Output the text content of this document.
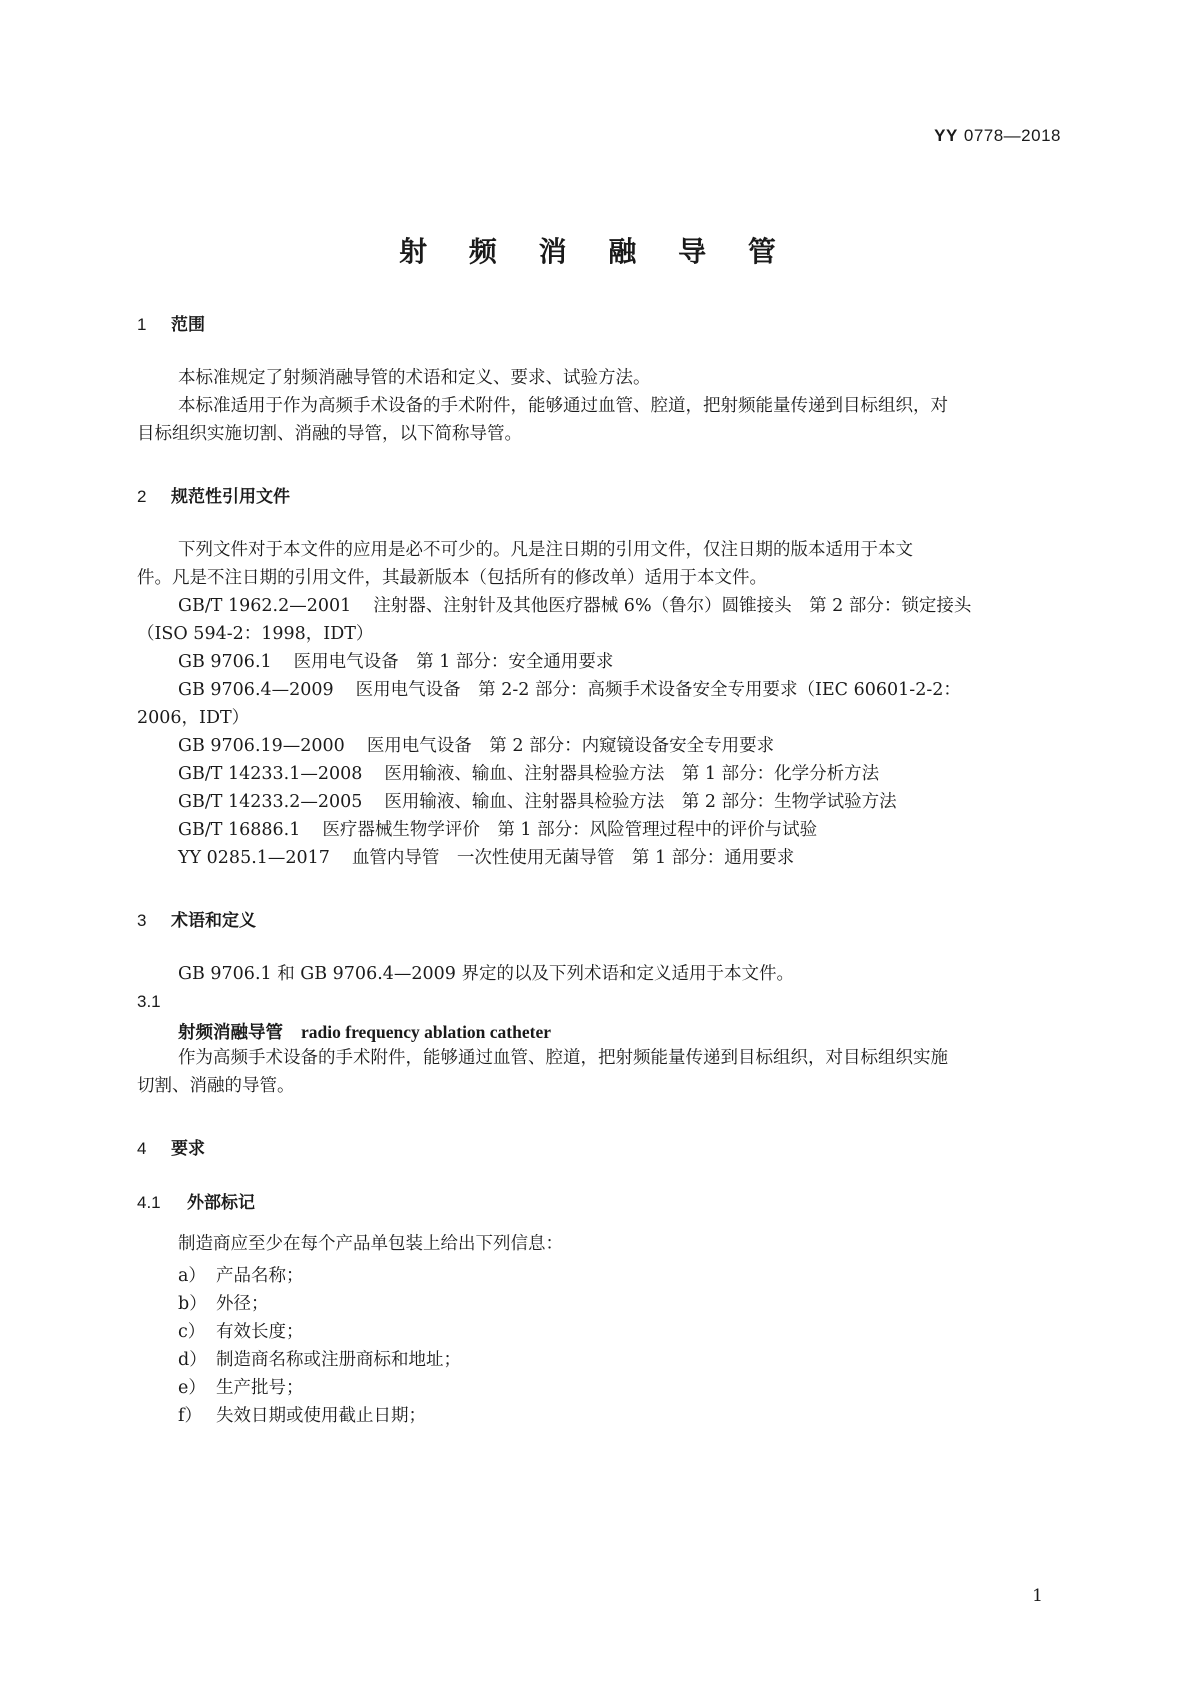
YY 0778—2018
射 频 消 融 导 管
1 范围
本标准规定了射频消融导管的术语和定义、要求、试验方法。
本标准适用于作为高频手术设备的手术附件，能够通过血管、腔道，把射频能量传递到目标组织，对
目标组织实施切割、消融的导管，以下简称导管。
2 规范性引用文件
下列文件对于本文件的应用是必不可少的。凡是注日期的引用文件，仅注日期的版本适用于本文
件。凡是不注日期的引用文件，其最新版本（包括所有的修改单）适用于本文件。
GB/T 1962.2—2001 注射器、注射针及其他医疗器械 6%（鲁尔）圆锥接头　第 2 部分：锁定接头
（ISO 594-2：1998，IDT）
GB 9706.1 医用电气设备　第 1 部分：安全通用要求
GB 9706.4—2009 医用电气设备　第 2-2 部分：高频手术设备安全专用要求（IEC 60601-2-2：
2006，IDT）
GB 9706.19—2000 医用电气设备　第 2 部分：内窥镜设备安全专用要求
GB/T 14233.1—2008 医用输液、输血、注射器具检验方法　第 1 部分：化学分析方法
GB/T 14233.2—2005 医用输液、输血、注射器具检验方法　第 2 部分：生物学试验方法
GB/T 16886.1 医疗器械生物学评价　第 1 部分：风险管理过程中的评价与试验
YY 0285.1—2017 血管内导管　一次性使用无菌导管　第 1 部分：通用要求
3 术语和定义
GB 9706.1 和 GB 9706.4—2009 界定的以及下列术语和定义适用于本文件。
3.1
射频消融导管 radio frequency ablation catheter
作为高频手术设备的手术附件，能够通过血管、腔道，把射频能量传递到目标组织，对目标组织实施
切割、消融的导管。
4 要求
4.1 外部标记
制造商应至少在每个产品单包装上给出下列信息：
a） 产品名称；
b） 外径；
c） 有效长度；
d） 制造商名称或注册商标和地址；
e） 生产批号；
f） 失效日期或使用截止日期；
1
